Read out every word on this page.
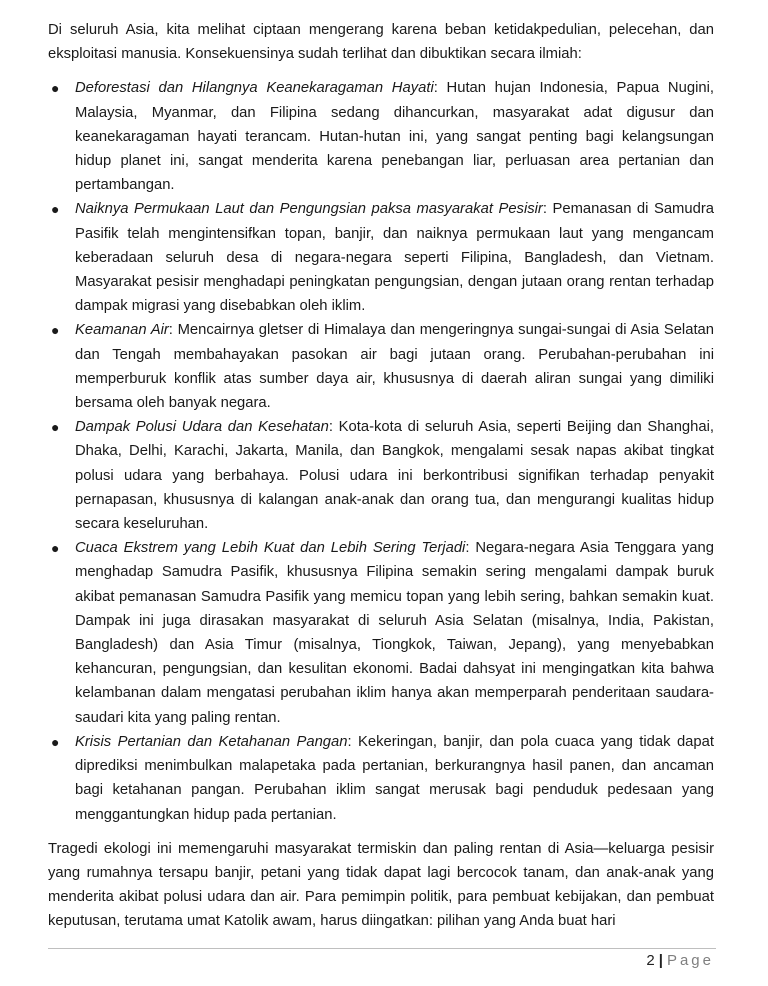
Di seluruh Asia, kita melihat ciptaan mengerang karena beban ketidakpedulian, pelecehan, dan eksploitasi manusia. Konsekuensinya sudah terlihat dan dibuktikan secara ilmiah:

● Deforestasi dan Hilangnya Keanekaragaman Hayati: Hutan hujan Indonesia, Papua Nugini, Malaysia, Myanmar, dan Filipina sedang dihancurkan, masyarakat adat digusur dan keanekaragaman hayati terancam. Hutan-hutan ini, yang sangat penting bagi kelangsungan hidup planet ini, sangat menderita karena penebangan liar, perluasan area pertanian dan pertambangan.
● Naiknya Permukaan Laut dan Pengungsian paksa masyarakat Pesisir: Pemanasan di Samudra Pasifik telah mengintensifkan topan, banjir, dan naiknya permukaan laut yang mengancam keberadaan seluruh desa di negara-negara seperti Filipina, Bangladesh, dan Vietnam. Masyarakat pesisir menghadapi peningkatan pengungsian, dengan jutaan orang rentan terhadap dampak migrasi yang disebabkan oleh iklim.
● Keamanan Air: Mencairnya gletser di Himalaya dan mengeringnya sungai-sungai di Asia Selatan dan Tengah membahayakan pasokan air bagi jutaan orang. Perubahan-perubahan ini memperburuk konflik atas sumber daya air, khususnya di daerah aliran sungai yang dimiliki bersama oleh banyak negara.
● Dampak Polusi Udara dan Kesehatan: Kota-kota di seluruh Asia, seperti Beijing dan Shanghai, Dhaka, Delhi, Karachi, Jakarta, Manila, dan Bangkok, mengalami sesak napas akibat tingkat polusi udara yang berbahaya. Polusi udara ini berkontribusi signifikan terhadap penyakit pernapasan, khususnya di kalangan anak-anak dan orang tua, dan mengurangi kualitas hidup secara keseluruhan.
● Cuaca Ekstrem yang Lebih Kuat dan Lebih Sering Terjadi: Negara-negara Asia Tenggara yang menghadap Samudra Pasifik, khususnya Filipina semakin sering mengalami dampak buruk akibat pemanasan Samudra Pasifik yang memicu topan yang lebih sering, bahkan semakin kuat. Dampak ini juga dirasakan masyarakat di seluruh Asia Selatan (misalnya, India, Pakistan, Bangladesh) dan Asia Timur (misalnya, Tiongkok, Taiwan, Jepang), yang menyebabkan kehancuran, pengungsian, dan kesulitan ekonomi. Badai dahsyat ini mengingatkan kita bahwa kelambanan dalam mengatasi perubahan iklim hanya akan memperparah penderitaan saudara-saudari kita yang paling rentan.
● Krisis Pertanian dan Ketahanan Pangan: Kekeringan, banjir, dan pola cuaca yang tidak dapat diprediksi menimbulkan malapetaka pada pertanian, berkurangnya hasil panen, dan ancaman bagi ketahanan pangan. Perubahan iklim sangat merusak bagi penduduk pedesaan yang menggantungkan hidup pada pertanian.

Tragedi ekologi ini memengaruhi masyarakat termiskin dan paling rentan di Asia—keluarga pesisir yang rumahnya tersapu banjir, petani yang tidak dapat lagi bercocok tanam, dan anak-anak yang menderita akibat polusi udara dan air. Para pemimpin politik, para pembuat kebijakan, dan pembuat keputusan, terutama umat Katolik awam, harus diingatkan: pilihan yang Anda buat hari

2 | Page
